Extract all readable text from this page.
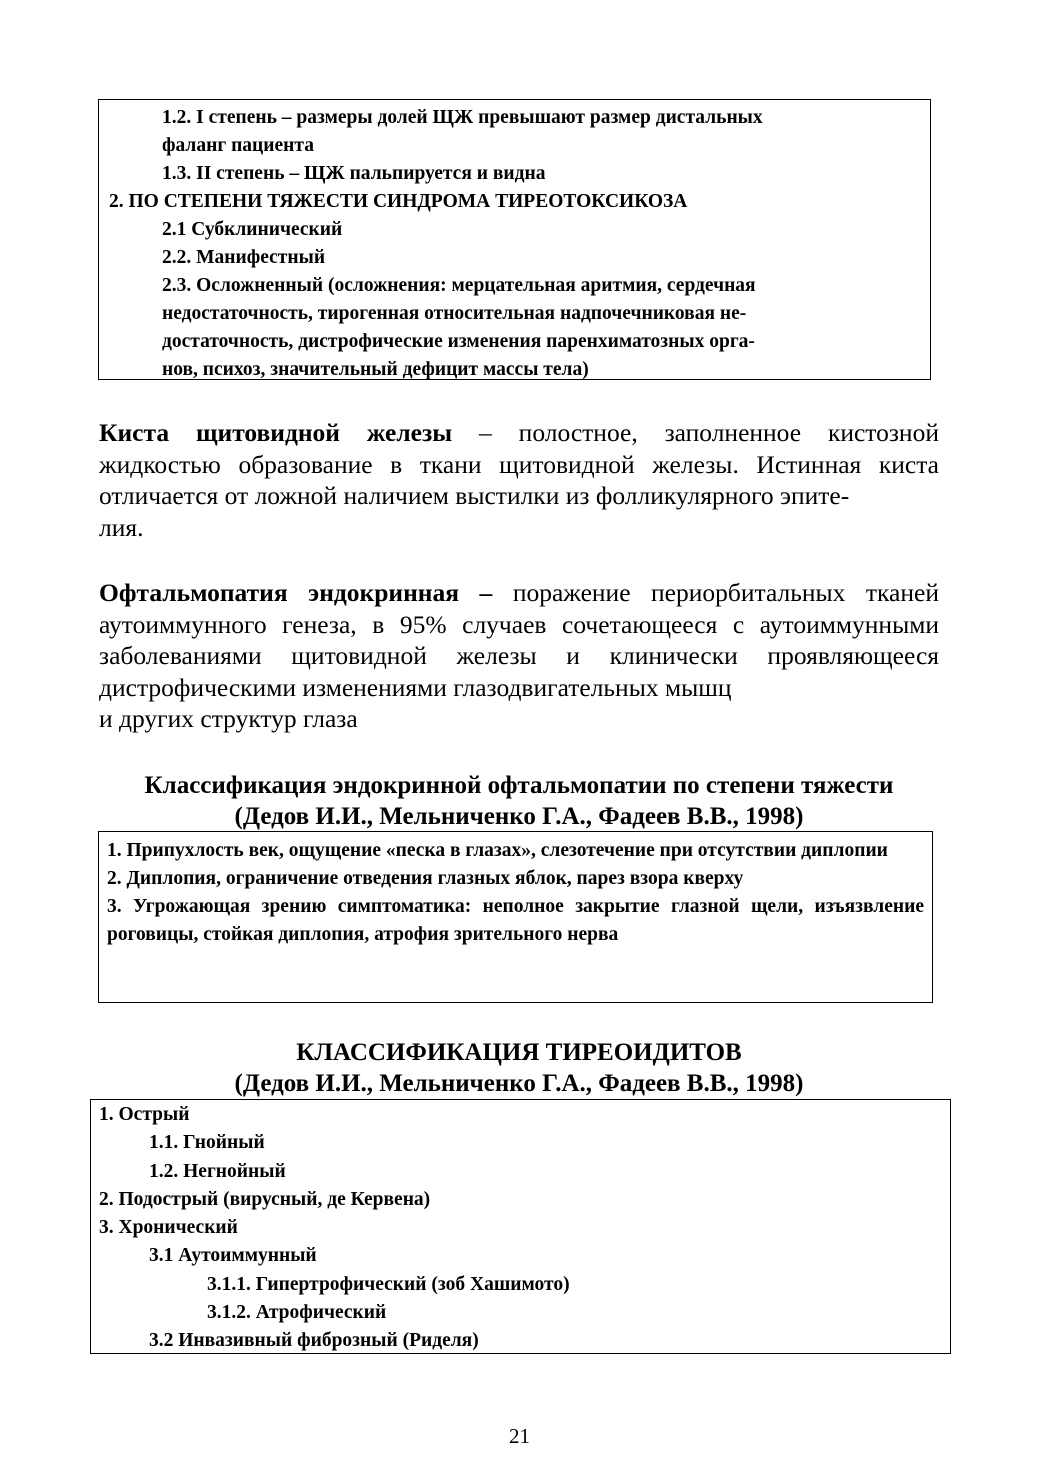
1.2. I степень – размеры долей ЩЖ превышают размер дистальных
фаланг пациента
1.3. II степень – ЩЖ пальпируется и видна
2. ПО СТЕПЕНИ ТЯЖЕСТИ СИНДРОМА ТИРЕОТОКСИКОЗА
2.1 Субклинический
2.2. Манифестный
2.3. Осложненный (осложнения: мерцательная аритмия, сердечная
недостаточность, тирогенная относительная надпочечниковая не-
достаточность, дистрофические изменения паренхиматозных орга-
нов, психоз, значительный дефицит массы тела)
Киста щитовидной железы – полостное, заполненное кистозной жидкостью образование в ткани щитовидной железы. Истинная киста отличается от ложной наличием выстилки из фолликулярного эпите-
лия.
Офтальмопатия эндокринная – поражение периорбитальных тканей аутоиммунного генеза, в 95% случаев сочетающееся с аутоиммунными заболеваниями щитовидной железы и клинически проявляющееся дистрофическими изменениями глазодвигательных мышц
и других структур глаза
Классификация эндокринной офтальмопатии по степени тяжести
(Дедов И.И., Мельниченко Г.А., Фадеев В.В., 1998)
1. Припухлость век, ощущение «песка в глазах», слезотечение при отсутствии диплопии
2. Диплопия, ограничение отведения глазных яблок, парез взора кверху
3. Угрожающая зрению симптоматика: неполное закрытие глазной щели, изъязвление роговицы, стойкая диплопия, атрофия зрительного нерва
КЛАССИФИКАЦИЯ ТИРЕОИДИТОВ
(Дедов И.И., Мельниченко Г.А., Фадеев В.В., 1998)
1. Острый
1.1. Гнойный
1.2. Негнойный
2. Подострый (вирусный, де Кервена)
3. Хронический
3.1 Аутоиммунный
3.1.1. Гипертрофический (зоб Хашимото)
3.1.2. Атрофический
3.2 Инвазивный фиброзный (Риделя)
21
